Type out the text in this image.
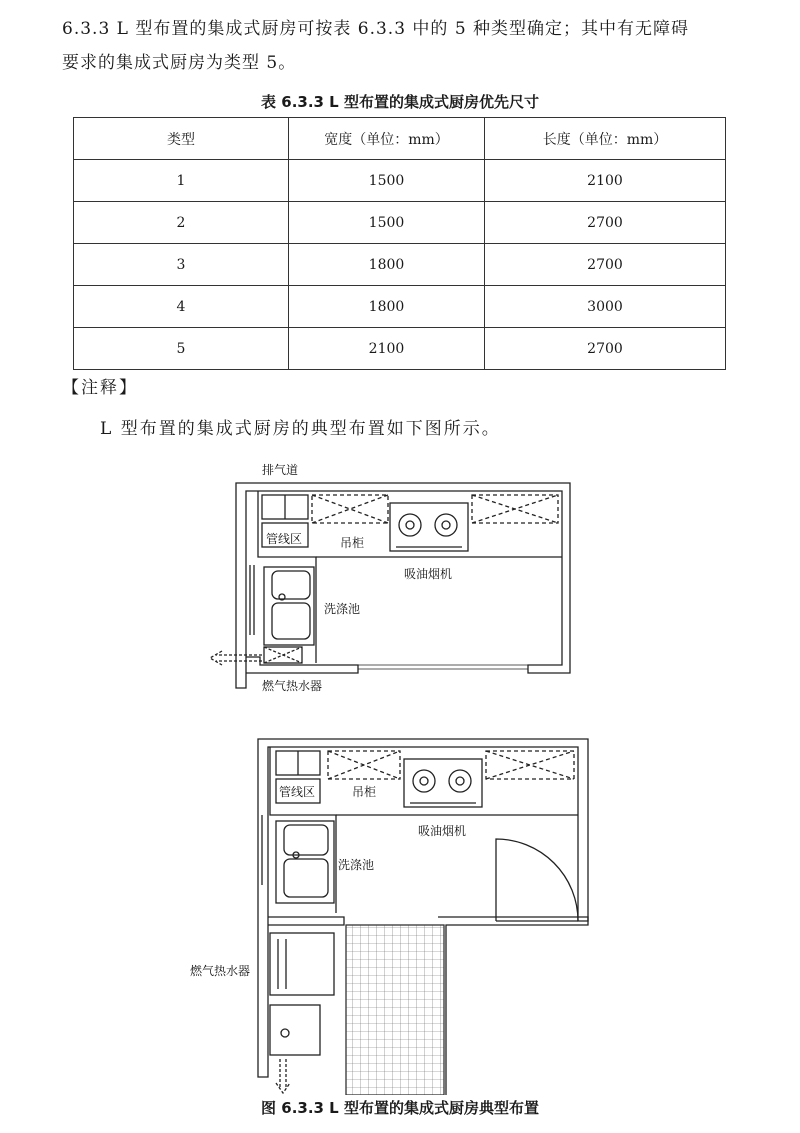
6.3.3 L 型布置的集成式厨房可按表 6.3.3 中的 5 种类型确定；其中有无障碍
要求的集成式厨房为类型 5。
表 6.3.3 L 型布置的集成式厨房优先尺寸
类型	宽度（单位：mm）	长度（单位：mm）
1	1500	2100
2	1500	2700
3	1800	2700
4	1800	3000
5	2100	2700
【注释】
L 型布置的集成式厨房的典型布置如下图所示。
排气道
管线区	吊柜
吸油烟机
洗涤池
燃气热水器
管线区	吊柜
吸油烟机
洗涤池
燃气热水器
图 6.3.3 L 型布置的集成式厨房典型布置
